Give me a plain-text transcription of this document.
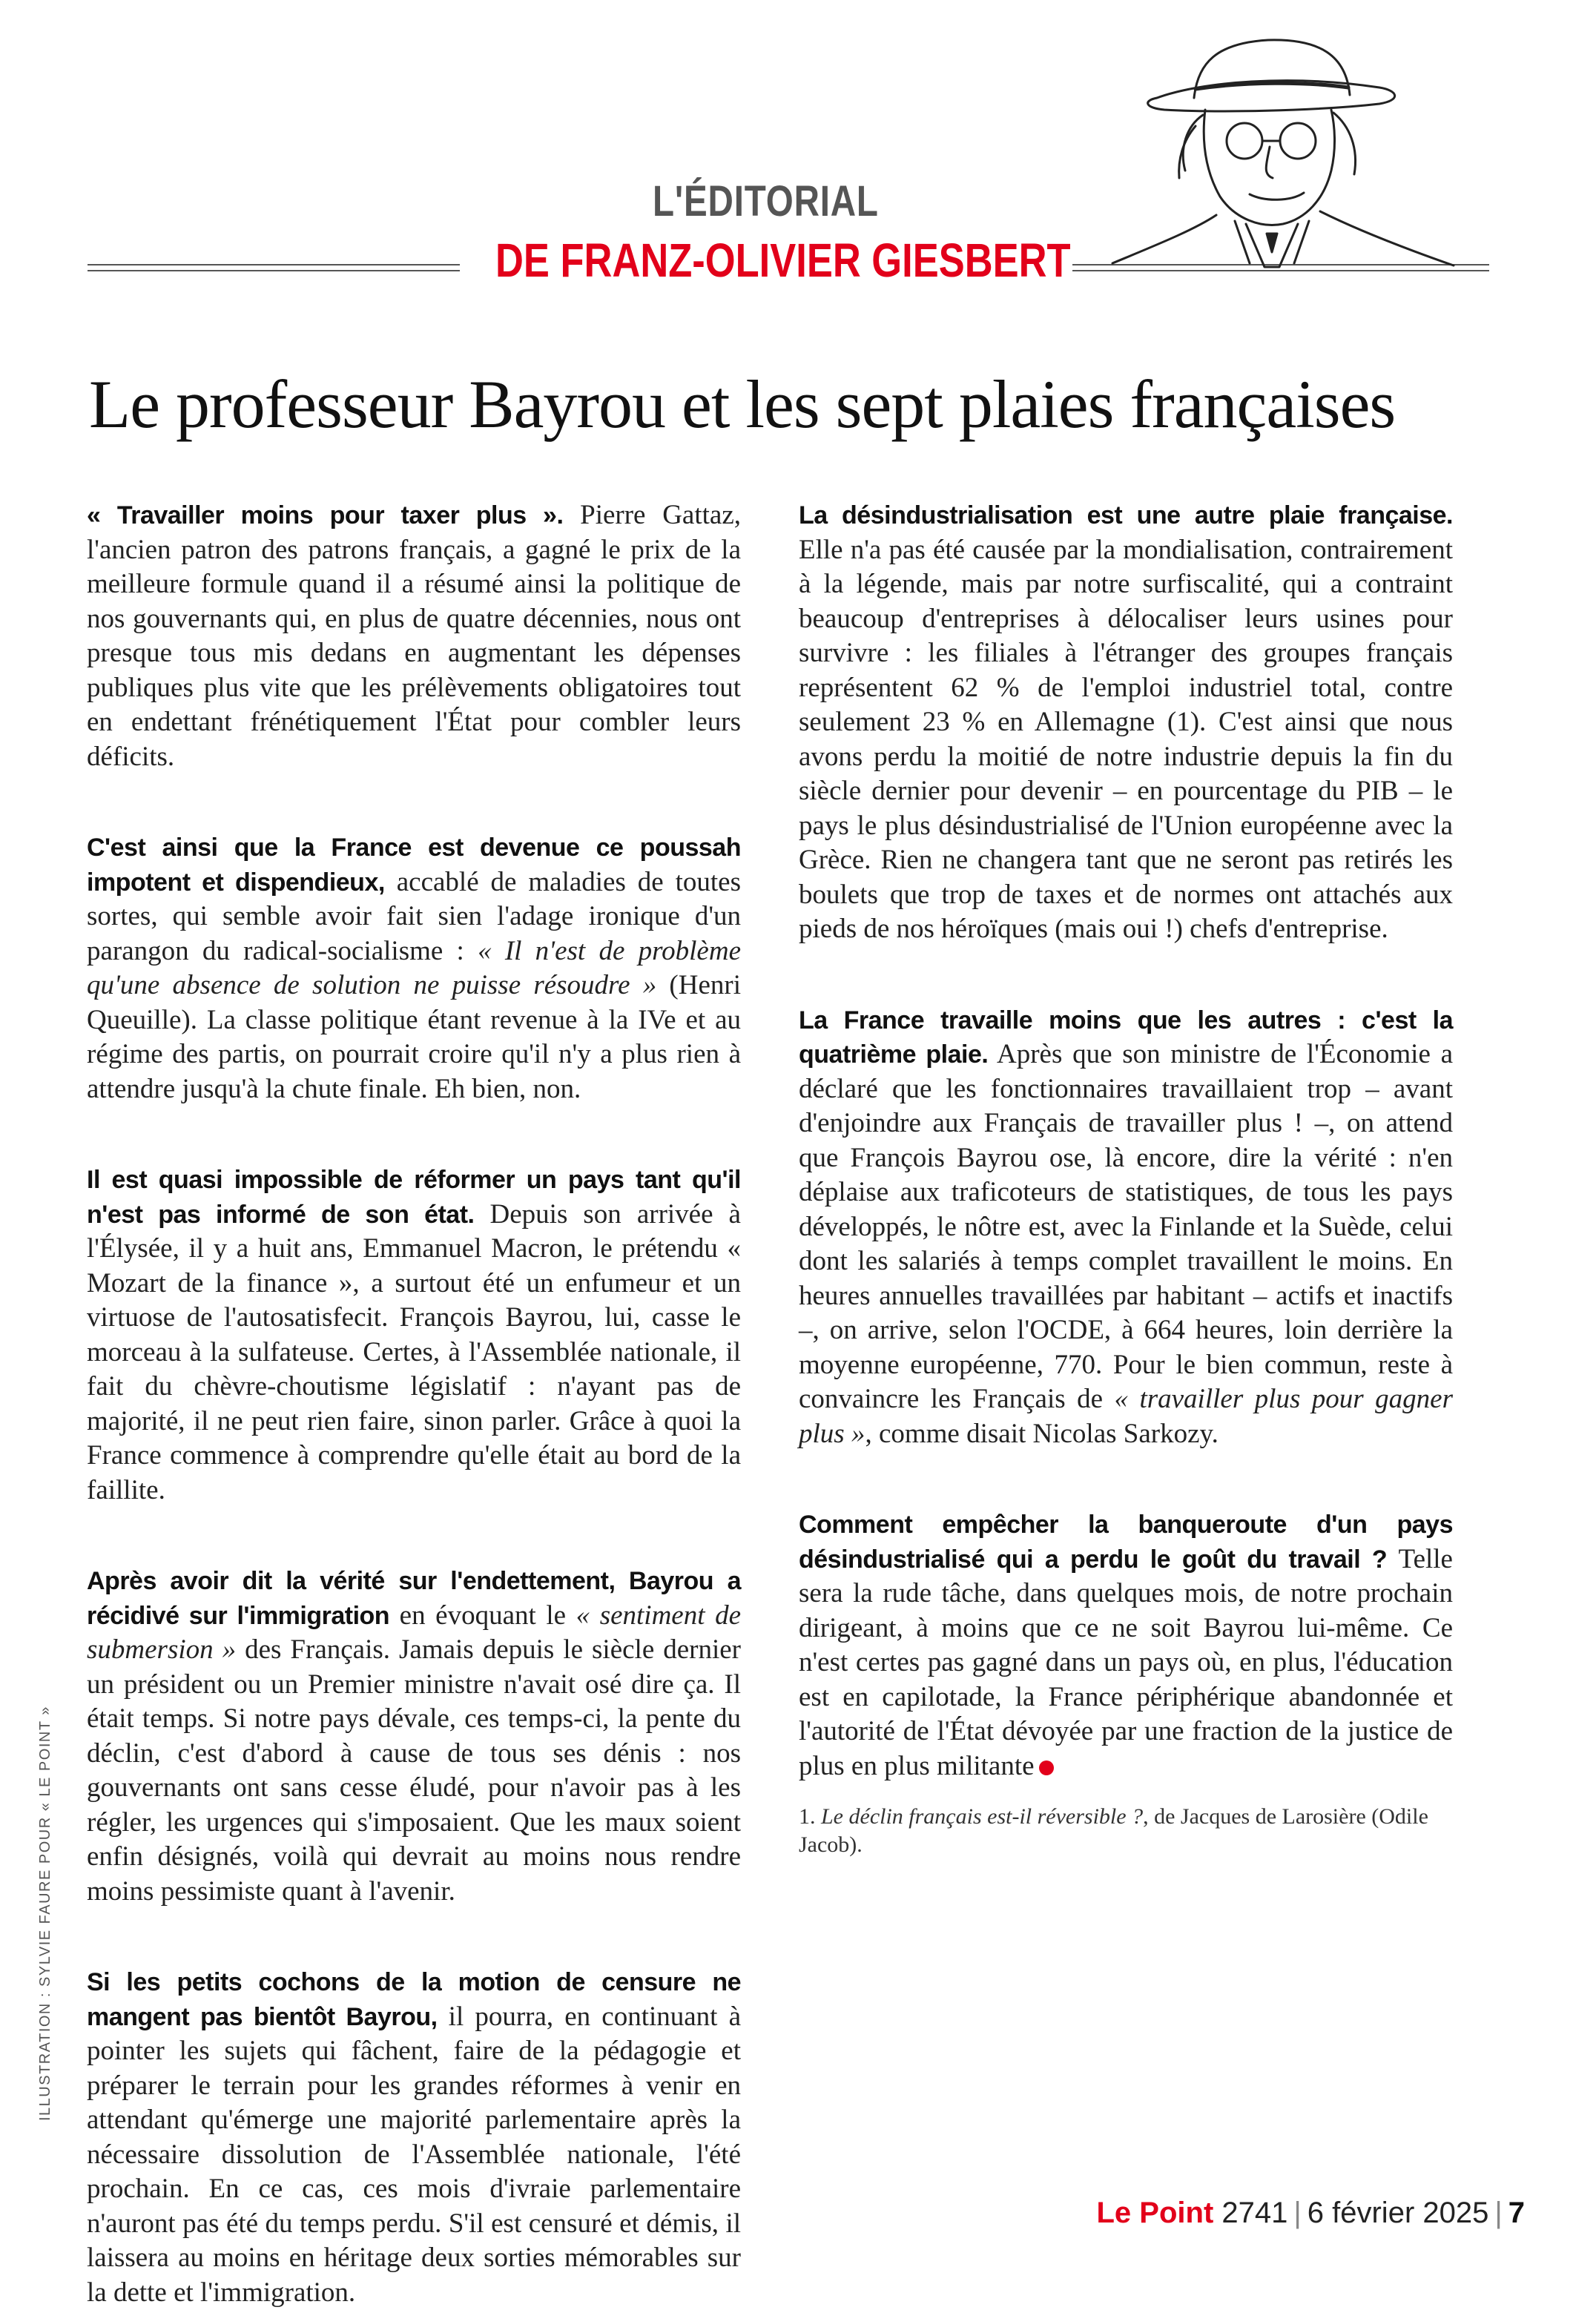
L'ÉDITORIAL
DE FRANZ-OLIVIER GIESBERT
Le professeur Bayrou et les sept plaies françaises

« Travailler moins pour taxer plus ». Pierre Gattaz, l'ancien patron des patrons français, a gagné le prix de la meilleure formule quand il a résumé ainsi la politique de nos gouvernants qui, en plus de quatre décennies, nous ont presque tous mis dedans en augmentant les dépenses publiques plus vite que les prélèvements obligatoires tout en endettant frénétiquement l'État pour combler leurs déficits.

C'est ainsi que la France est devenue ce poussah impotent et dispendieux, accablé de maladies de toutes sortes, qui semble avoir fait sien l'adage ironique d'un parangon du radical-socialisme : « Il n'est de problème qu'une absence de solution ne puisse résoudre » (Henri Queuille). La classe politique étant revenue à la IVe et au régime des partis, on pourrait croire qu'il n'y a plus rien à attendre jusqu'à la chute finale. Eh bien, non.

Il est quasi impossible de réformer un pays tant qu'il n'est pas informé de son état. Depuis son arrivée à l'Élysée, il y a huit ans, Emmanuel Macron, le prétendu « Mozart de la finance », a surtout été un enfumeur et un virtuose de l'autosatisfecit. François Bayrou, lui, casse le morceau à la sulfateuse. Certes, à l'Assemblée nationale, il fait du chèvre-choutisme législatif : n'ayant pas de majorité, il ne peut rien faire, sinon parler. Grâce à quoi la France commence à comprendre qu'elle était au bord de la faillite.

Après avoir dit la vérité sur l'endettement, Bayrou a récidivé sur l'immigration en évoquant le « sentiment de submersion » des Français. Jamais depuis le siècle dernier un président ou un Premier ministre n'avait osé dire ça. Il était temps. Si notre pays dévale, ces temps-ci, la pente du déclin, c'est d'abord à cause de tous ses dénis : nos gouvernants ont sans cesse éludé, pour n'avoir pas à les régler, les urgences qui s'imposaient. Que les maux soient enfin désignés, voilà qui devrait au moins nous rendre moins pessimiste quant à l'avenir.

Si les petits cochons de la motion de censure ne mangent pas bientôt Bayrou, il pourra, en continuant à pointer les sujets qui fâchent, faire de la pédagogie et préparer le terrain pour les grandes réformes à venir en attendant qu'émerge une majorité parlementaire après la nécessaire dissolution de l'Assemblée nationale, l'été prochain. En ce cas, ces mois d'ivraie parlementaire n'auront pas été du temps perdu. S'il est censuré et démis, il laissera au moins en héritage deux sorties mémorables sur la dette et l'immigration.

La désindustrialisation est une autre plaie française. Elle n'a pas été causée par la mondialisation, contrairement à la légende, mais par notre surfiscalité, qui a contraint beaucoup d'entreprises à délocaliser leurs usines pour survivre : les filiales à l'étranger des groupes français représentent 62 % de l'emploi industriel total, contre seulement 23 % en Allemagne (1). C'est ainsi que nous avons perdu la moitié de notre industrie depuis la fin du siècle dernier pour devenir – en pourcentage du PIB – le pays le plus désindustrialisé de l'Union européenne avec la Grèce. Rien ne changera tant que ne seront pas retirés les boulets que trop de taxes et de normes ont attachés aux pieds de nos héroïques (mais oui !) chefs d'entreprise.

La France travaille moins que les autres : c'est la quatrième plaie. Après que son ministre de l'Économie a déclaré que les fonctionnaires travaillaient trop – avant d'enjoindre aux Français de travailler plus ! –, on attend que François Bayrou ose, là encore, dire la vérité : n'en déplaise aux traficoteurs de statistiques, de tous les pays développés, le nôtre est, avec la Finlande et la Suède, celui dont les salariés à temps complet travaillent le moins. En heures annuelles travaillées par habitant – actifs et inactifs –, on arrive, selon l'OCDE, à 664 heures, loin derrière la moyenne européenne, 770. Pour le bien commun, reste à convaincre les Français de « travailler plus pour gagner plus », comme disait Nicolas Sarkozy.

Comment empêcher la banqueroute d'un pays désindustrialisé qui a perdu le goût du travail ? Telle sera la rude tâche, dans quelques mois, de notre prochain dirigeant, à moins que ce ne soit Bayrou lui-même. Ce n'est certes pas gagné dans un pays où, en plus, l'éducation est en capilotade, la France périphérique abandonnée et l'autorité de l'État dévoyée par une fraction de la justice de plus en plus militante

1. Le déclin français est-il réversible ?, de Jacques de Larosière (Odile Jacob).

ILLUSTRATION : SYLVIE FAURE POUR « LE POINT »
Le Point 2741 | 6 février 2025 | 7
